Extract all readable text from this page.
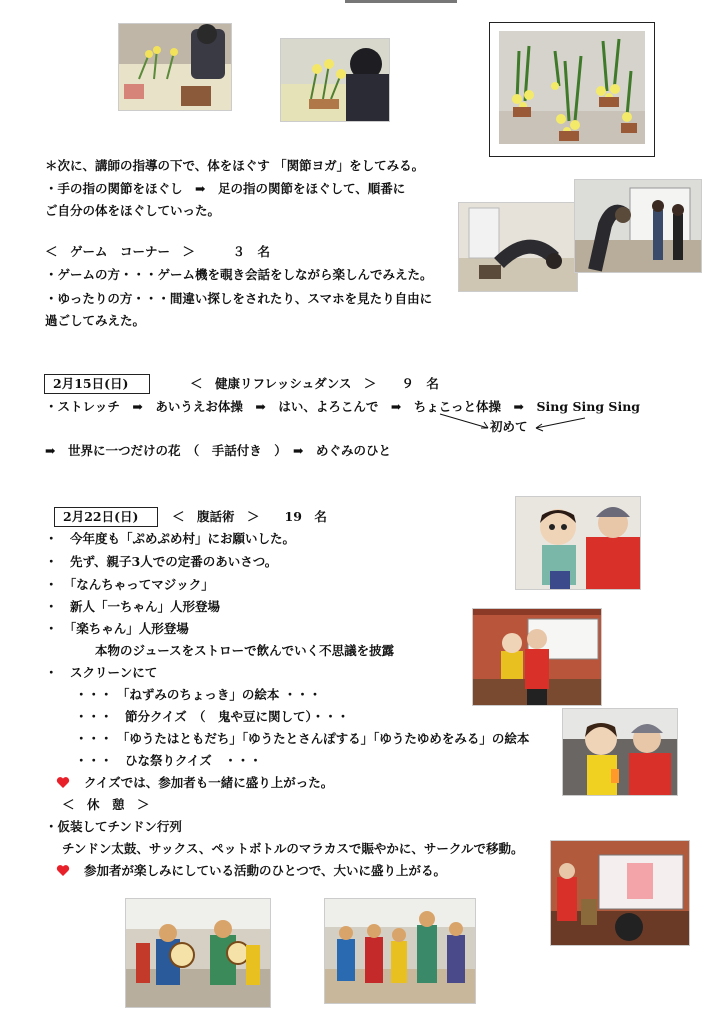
＊次に、講師の指導の下で、体をほぐす 「関節ヨガ」をしてみる。
・手の指の関節をほぐし　➡　足の指の関節をほぐして、順番に
ご自分の体をほぐしていった。
＜　ゲーム　コーナー　＞　　　３　名
・ゲームの方・・・ゲーム機を覗き会話をしながら楽しんでみえた。
・ゆったりの方・・・間違い探しをされたり、スマホを見たり自由に
過ごしてみえた。
2月15日(日)	＜　健康リフレッシュダンス　＞　　９　名
・ストレッチ　➡　あいうえお体操　➡　はい、よろこんで　➡　ちょこっと体操　➡　Sing Sing Sing
初めて
➡　世界に一つだけの花　（　手話付き　）　➡　めぐみのひと
2月22日(日)	＜　腹話術　＞　　19　名
・　今年度も「ぷめぷめ村」にお願いした。
・　先ず、親子3人での定番のあいさつ。
・　「なんちゃってマジック」
・　新人「一ちゃん」人形登場
・　「楽ちゃん」人形登場
本物のジュースをストローで飲んでいく不思議を披露
・　スクリーンにて
・・・ 「ねずみのちょっき」の絵本 ・・・
・・・　節分クイズ　（　鬼や豆に関して）・・・
・・・ 「ゆうたはともだち」「ゆうたとさんぽする」「ゆうたゆめをみる」の絵本
・・・　ひな祭りクイズ　・・・
クイズでは、参加者も一緒に盛り上がった。
＜　休　憩　＞
・仮装してチンドン行列
チンドン太鼓、サックス、ペットボトルのマラカスで賑やかに、サークルで移動。
参加者が楽しみにしている活動のひとつで、大いに盛り上がる。
